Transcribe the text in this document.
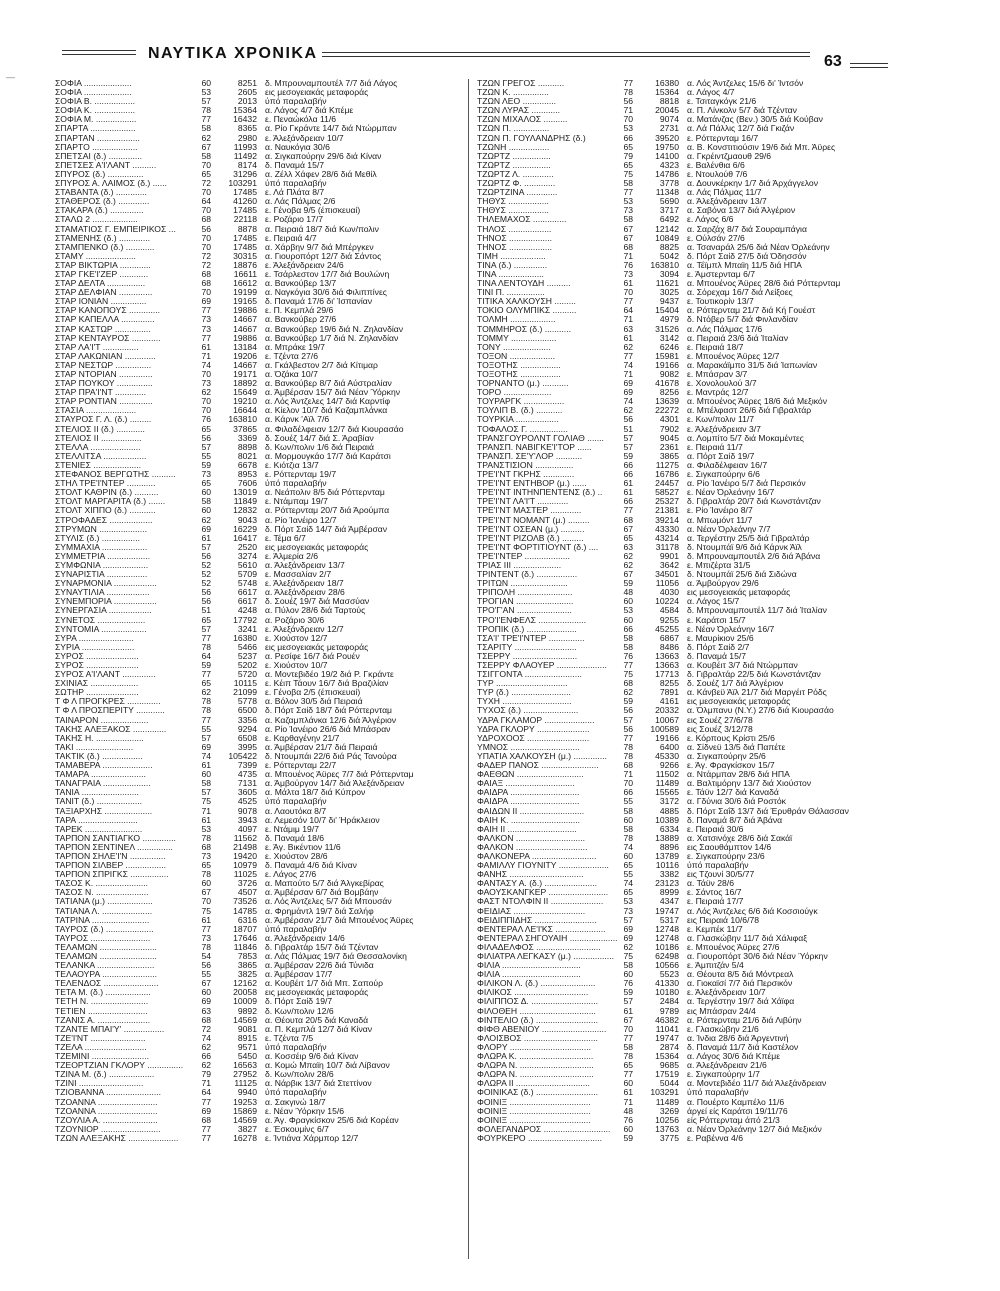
ΝΑΥΤΙΚΑ ΧΡΟΝΙΚΑ	63
—
ΣΟΦΙΑ ....................	60	8251 δ. Μπρουναμπουτέλ 7/7 διά Λάγος
ΣΟΦΙΑ ....................	53	2605 εις μεσογειακάς μεταφοράς
ΣΟΦΙΑ Β. .................	57	2013 ύπό παραλαβήν
ΣΟΦΙΑ Κ. .................	78	15364 α. Λάγος 4/7 διά Κπέμε
ΣΟΦΙΑ Μ. .................	77	16432 ε. Πεναώκόλα 11/6
ΣΠΑΡΤΑ ...................	58	8365 α. Ρίο Γκράντε 14/7 διά Ντώρμπαν
ΣΠΑΡΤΑΝ ..................	62	2980 ε. Άλεξάνδρειαν 10/7
ΣΠΑΡΤΟ ...................	67	11993 α. Ναυκόγια 30/6
ΣΠΕΤΣΑΙ (δ.) ..............	58	11492 α. Σιγκαπούρην 29/6 διά Κίναν
ΣΠΕΤΣΕΣ Α'Ι'ΛΑΝΤ ..........	70	8174 δ. Παναμά 15/7
ΣΠΥΡΟΣ (δ.) ...............	65	31296 α. Ζέλλ Χάφεν 28/6 διά Μεθίλ
ΣΠΥΡΟΣ Α. ΛΑΙΜΟΣ (δ.) ......	72	103291 ύπό παραλαβήν
ΣΤΑΒΑΝΤΑ (δ.) .............	70	17485 ε. Λά Πλάτα 8/7
ΣΤΑΘΕΡΟΣ (δ.) .............	64	41260 α. Λάς Πάλμας 2/6
ΣΤΑΚΑΡΑ (δ.) ..............	70	17485 ε. Γένοβα 9/5 (έπισκευαί)
ΣΤΑΛΩ 2 ...................	68	22118 ε. Ροζάριο 17/7
ΣΤΑΜΑΤΙΟΣ Γ. ΕΜΠΕΙΡΙΚΟΣ ...	56	8878 α. Πειραιά 18/7 διά Κων/πολιν
ΣΤΑΜΕΝΗΣ (δ.) .............	70	17485 ε. Πειραιά 4/7
ΣΤΑΜΠΕΝΚΟ (δ.) ............	70	17485 α. Χάρβην 9/7 διά Μπέργκεν
ΣΤΑΜΥ .....................	72	30315 α. Γιουροπόρτ 12/7 διά Σάντος
ΣΤΑΡ ΒΙΚΤΩΡΙΑ .............	72	18876 ε. Άλεξάνδρειαν 24/6
ΣΤΑΡ ΓΚΕ'Ι'ΖΕΡ ............	68	16611 ε. Τσάρλεστον 17/7 διά Βουλώνη
ΣΤΑΡ ΔΕΛΤΑ ................	68	16612 α. Βανκούβερ 13/7
ΣΤΑΡ ΔΕΛΦΙΑΝ ..............	70	19199 α. Ναγκόγια 30/6 διά Φιλιππίνες
ΣΤΑΡ ΙΟΝΙΑΝ ...............	69	19165 δ. Παναμά 17/6 δι' Ίσπανίαν
ΣΤΑΡ ΚΑΝΟΠΟΥΣ .............	77	19886 ε. Π. Κεμπλά 29/6
ΣΤΑΡ ΚΑΠΕΛΛΑ ..............	73	14667 α. Βανκούβερ 27/6
ΣΤΑΡ ΚΑΣΤΩΡ ...............	73	14667 α. Βανκούβερ 19/6 διά Ν. Ζηλανδίαν
ΣΤΑΡ ΚΕΝΤΑΥΡΟΣ ............	77	19886 α. Βανκούβερ 1/7 διά Ν. Ζηλανδίαν
ΣΤΑΡ ΛΑ'Ι'Τ ...............	61	13184 α. Μπράκε 19/7
ΣΤΑΡ ΛΑΚΩΝΙΑΝ .............	71	19206 ε. Τζέντα 27/6
ΣΤΑΡ ΝΕΣΤΩΡ ...............	74	14667 α. Γκάλβεστον 2/7 διά Κίτιμαρ
ΣΤΑΡ ΝΤΟΡΙΑΝ ..............	70	19171 α. Όζάκα 10/7
ΣΤΑΡ ΠΟΥΚΟΥ ...............	73	18892 α. Βανκούβερ 8/7 διά Αύστραλίαν
ΣΤΑΡ ΠΡΑ'Ι'ΝΤ .............	62	15649 α. Άμβέρσαν 15/7 διά Νέαν Ύόρκην
ΣΤΑΡ ΡΟΝΤΙΑΝ ..............	70	19210 α. Λός Άντζελες 14/7 διά Καρντίφ
ΣΤΑΣΙΑ .....................	70	16644 α. Κίελον 10/7 διά Καζαμπλάνκα
ΣΤΑΥΡΟΣ Γ. Λ. (δ.) .........	76	163810 α. Κάρνκ 'Αϊλ 7/6
ΣΤΕΛΙΟΣ ΙΙ (δ.) ............	65	37865 α. Φιλαδέλφειαν 12/7 διά Κιουρασάο
ΣΤΕΛΙΟΣ ΙΙ .................	56	3369 δ. Σουέζ 14/7 διά Σ. Άραβίαν
ΣΤΕΛΛΑ .....................	57	8898 δ. Κων/πολιν 1/6 διά Πειραιά
ΣΤΕΛΛΙΤΣΑ ..................	55	8021 α. Μορμουγκάο 17/7 διά Καράτσι
ΣΤΕΝΙΕΣ ....................	59	6678 ε. Κιότζια 13/7
ΣΤΕΦΑΝΟΣ ΒΕΡΓΩΤΗΣ ..........	73	8953 ε. Ρόττερνταμ 19/7
ΣΤΗΛ ΤΡΕ'Ι'ΝΤΕΡ ............	65	7606 ύπό παραλαβήν
ΣΤΟΛΤ ΚΑΘΡΙΝ (δ.) ..........	60	13019 α. Νεάπολιν 8/5 διά Ρόττερνταμ
ΣΤΟΛΤ ΜΑΡΓΑΡΙΤΑ (δ.) .......	58	11849 ε. Ντάμπαμ 19/7
ΣΤΟΛΤ ΧΙΠΠΟ (δ.) ...........	60	12832 α. Ρόττερνταμ 20/7 διά Άρούμπα
ΣΤΡΟΦΑΔΕΣ ..................	62	9043 α. Ρίο Ίανέιρο 12/7
ΣΤΡΥΜΩΝ ....................	69	16229 δ. Πόρτ Σαίδ 14/7 διά Άμβέρσαν
ΣΤΥΛΙΣ (δ.) ................	61	16417 ε. Τέμα 6/7
ΣΥΜΜΑΧΙΑ ...................	57	2520 εις μεσογειακάς μεταφοράς
ΣΥΜΜΕΤΡΙΑ ..................	56	3274 ε. Άλμερία 2/6
ΣΥΜΦΩΝΙΑ ...................	52	5610 α. Άλεξάνδρειαν 13/7
ΣΥΝΑΡΙΣΤΙΑ .................	52	5709 ε. Μασσαλίαν 2/7
ΣΥΝΑΡΜΟΝΙΑ ..................	52	5748 ε. Άλεξάνδρειαν 18/7
ΣΥΝΑΥΤΙΛΙΑ ..................	56	6617 α. Άλεξάνδρειαν 28/6
ΣΥΝΕΜΠΟΡΙΑ ..................	56	6617 δ. Σουέζ 19/7 διά Μασσύαν
ΣΥΝΕΡΓΑΣΙΑ ..................	51	4248 α. Πύλον 28/6 διά Ταρτούς
ΣΥΝΕΤΟΣ ....................	65	17792 α. Ροζάριο 30/6
ΣΥΝΤΟΜΙΑ ...................	57	3241 ε. Άλεξάνδρειαν 12/7
ΣΥΡΑ .......................	77	16380 ε. Χιούστον 12/7
ΣΥΡΙΑ ......................	78	5466 εις μεσογειακάς μεταφοράς
ΣΥΡΟΣ ......................	64	5237 α. Ρεσίφε 16/7 διά Ρουέν
ΣΥΡΟΣ ......................	59	5202 ε. Χιούστον 10/7
ΣΥΡΟΣ Α'Ι'ΛΑΝΤ ..............	77	5720 α. Μοντεβιδέο 19/2 διά Ρ. Γκράντε
ΣΧΙΝΙΑΣ ....................	65	10115 ε. Κέιπ Τάουν 16/7 διά Βραζιλίαν
ΣΩΤΗΡ ......................	62	21099 ε. Γένοβα 2/5 (έπισκευαί)
Τ Φ Λ ΠΡΟΓΚΡΕΣ ..............	78	5778 α. Βόλον 30/5 διά Πειραιά
Τ Φ Λ ΠΡΟΣΠΕΡΙΤΥ ............	78	6500 δ. Πόρτ Σαίδ 18/7 διά Ρόττερνταμ
ΤΑΙΝΑΡΟΝ ....................	77	3356 α. Καζαμπλάνκα 12/6 διά Άλγέριον
ΤΑΚΗΣ ΑΛΕΞΑΚΟΣ ..............	55	9294 α. Ρίο Ίανέιρο 26/6 διά Μπάσραν
ΤΑΚΗΣ Η. ....................	57	6508 ε. Καρθαγένην 21/7
ΤΑΚΙ ........................	69	3995 α. Άμβέρσαν 21/7 διά Πειραιά
ΤΑΚΤΙΚ (δ.) .................	74	105422 δ. Ντουμπάι 22/6 διά Ράς Τανούρα
ΤΑΜΑΒΕΡΑ .....................	61	7399 ε. Ρόττερνταμ 22/7
ΤΑΜΑΡΑ .......................	60	4735 α. Μπουένος Άϋρες 7/7 διά Ρόττερνταμ
ΤΑΝΑΓΡΑΙΑ ....................	58	7131 α. Άμβούργον 14/7 διά Άλεξάνδρειαν
ΤΑΝΙΑ ........................	57	3605 α. Μάλτα 18/7 διά Κύπρον
ΤΑΝΙΤ (δ.) ...................	75	4525 ύπό παραλαβήν
ΤΑΞΙΑΡΧΗΣ ....................	71	9078 α. Λαουτόκα 8/7
ΤΑΡΑ .........................	61	3943 α. Λεμεσόν 10/7 δι' Ήράκλειον
ΤΑΡΕΚ ........................	53	4097 ε. Ντάμιμ 19/7
ΤΑΡΠΟΝ ΣΑΝΤΙΑΓΚΟ ..............	78	11562 δ. Παναμά 18/6
ΤΑΡΠΟΝ ΣΕΝΤΙΝΕΛ ...............	68	21498 ε. Άγ. Βικέντιον 11/6
ΤΑΡΠΟΝ ΣΗΛΕ'Ι'Ν ...............	73	19420 ε. Χιούστον 28/6
ΤΑΡΠΟΝ ΣΙΛΒΕΡ .................	65	10979 δ. Παναμά 4/6 διά Κίναν
ΤΑΡΠΟΝ ΣΠΡΙΓΚΣ ................	78	11025 ε. Λάγος 27/6
ΤΑΣΟΣ Κ. ......................	60	3726 α. Μαπούτο 5/7 διά Άλγκεβίρας
ΤΑΣΟΣ Ν. ......................	67	4507 α. Άμβέρσαν 6/7 διά Βομβάην
ΤΑΤΙΑΝΑ (μ.) ...................	70	73526 α. Λός Άντζελες 5/7 διά Μπουσάν
ΤΑΤΙΑΝΑ Λ. .....................	75	14785 α. Φρημάντλ 19/7 διά Σαλήφ
ΤΑΤΡΙΝΑ ........................	61	6316 α. Άμβέρσαν 21/7 διά Μπουένος Άϋρες
ΤΑΥΡΟΣ (δ.) ....................	77	18707 ύπό παραλαβήν
ΤΑΥΡΟΣ .........................	73	17646 α. Άλεξάνδρειαν 14/6
ΤΕΛΑΜΩΝ ........................	78	11846 δ. Γιβραλτάρ 15/7 διά Τζένταν
ΤΕΛΑΜΩΝ ........................	54	7853 α. Λάς Πάλμας 19/7 διά Θεσσαλονίκη
ΤΕΛΑΝΚΑ ........................	56	3865 α. Άμβέρσαν 22/6 διά Τύνιδα
ΤΕΛΑΟΥΡΑ .......................	55	3825 α. Άμβέρσαν 17/7
ΤΕΛΕΝΔΟΣ .......................	67	12162 α. Κουβέιτ 1/7 διά Μπ. Σαπούρ
ΤΕΤΑ Μ. (δ.) ...................	60	20058 εις μεσογειακάς μεταφοράς
ΤΕΤΗ Ν. ........................	69	10009 δ. Πόρτ Σαίδ 19/7
ΤΕΤΙΕΝ .........................	63	9892 δ. Κων/πολιν 12/6
ΤΖΑΝΙΣ Α. ......................	68	14569 α. Θέουτα 20/5 διά Καναδά
ΤΖΑΝΤΕ ΜΠΑΙ'Υ' .................	72	9081 α. Π. Κεμπλά 12/7 διά Κίναν
ΤΖΕ'Ι'ΝΤ .......................	74	8915 ε. Τζέντα 7/5
ΤΖΕΛΑ ..........................	62	9571 ύπό παραλαβήν
ΤΖΕΜΙΝΙ ........................	66	5450 α. Κοσσέιρ 9/6 διά Κίναν
ΤΖΕΟΡΤΖΙΑΝ ΓΚΛΟΡΥ ...............	62	16563 α. Κομώ Μπαϊη 10/7 διά Λίβανον
ΤΖΙΝΑ Μ. (δ.) ...................	79	27952 δ. Κων/πολιν 28/6
ΤΖΙΝΙ ...........................	71	11125 α. Νάρβικ 13/7 διά Στεττίνον
ΤΖΙΟΒΑΝΝΑ .......................	64	9940 ύπό παραλαβήν
ΤΖΟΑΝΝΑ .........................	77	19253 α. Σακγινώ 18/7
ΤΖΟΑΝΝΑ .........................	69	15869 ε. Νέαν Ύόρκην 15/6
ΤΖΟΥΛΙΑ Α. .......................	68	14569 α. Άγ. Φραγκίσκον 25/6 διά Κορέαν
ΤΖΟΥΝΙΟΡ .........................	77	3827 ε. Έσκουμίνς 6/7
ΤΖΩΝ ΑΛΕΞΑΚΗΣ .....................	77	16278 ε. Ίντιάνα Χάρμπορ 12/7
ΤΖΩΝ ΓΡΕΓΟΣ ...........	77	16380 α. Λός Άντζελες 15/6 δι' Ίντσόν
ΤΖΩΝ Κ. ...............	78	15364 α. Λάγος 4/7
ΤΖΩΝ ΛΕΟ ..............	56	8818 ε. Τσιταγκόγκ 21/6
ΤΖΩΝ ΛΥΡΑΣ ............	71	20045 α. Π. Λίνκολν 5/7 διά Τζένταν
ΤΖΩΝ ΜΙΧΑΛΟΣ ..........	70	9074 α. Ματάνζας (Βεν.) 30/5 διά Κούβαν
ΤΖΩΝ Π. ...............	53	2731 α. Λά Πάλλις 12/7 διά Γκιζάν
ΤΖΩΝ Π. ΓΟΥΛΑΝΔΡΗΣ (δ.)	66	39520 ε. Ρόττερνταμ 16/7
ΤΖΩΝΗ .................	65	19750 α. Β. Κονστιτιούσιν 19/6 διά Μπ. Άϋρες
ΤΖΩΡΤΖ ................	79	14100 α. Γκρέιντζμαουθ 29/6
ΤΖΩΡΤΖ ................	65	4323 ε. Βαλένθια 6/6
ΤΖΩΡΤΖ Λ. .............	75	14786 ε. Ντουλούθ 7/6
ΤΖΩΡΤΖ Φ. .............	58	3778 α. Δουνκέρκην 1/7 διά Άρχάγγελον
ΤΖΩΡΤΖΙΝΑ .............	77	11348 α. Λάς Πάλμας 11/7
ΤΗΘΥΣ .................	53	5690 α. Άλεξάνδρειαν 13/7
ΤΗΘΥΣ .................	73	3717 α. Σαβόνα 13/7 διά Άλγέριον
ΤΗΛΕΜΑΧΟΣ ..............	58	6492 ε. Λάγος 6/6
ΤΗΛΟΣ ..................	67	12142 α. Σαρζάχ 8/7 διά Σουραμπάγια
ΤΗΝΟΣ ..................	67	10849 ε. Ούλσάν 27/6
ΤΗΝΟΣ ..................	68	8825 α. Τσαναράλ 25/6 διά Νέαν Όρλεάνην
ΤΙΜΗ ...................	71	5042 δ. Πόρτ Σαίδ 27/5 διά Όδησσόν
ΤΙΝΑ (δ.) ..............	76	163810 α. Τέϊμπλ Μπαϊη 11/5 διά ΗΠΑ
ΤΙΝΑ ...................	73	3094 ε. Άμστερνταμ 6/7
ΤΙΝΑ ΛΕΝΤΟΥΔΗ ..........	61	11621 α. Μπουένος Άϋρες 28/6 διά Ρόττερνταμ
ΤΙΝΙ Π. ................	70	3025 α. Σόρεχαμ 16/7 διά Λείξοες
ΤΙΤΙΚΑ ΧΑΛΚΟΥΣΗ .........	77	9437 ε. Τουτικορίν 13/7
ΤΟΚΙΟ ΟΛΥΜΠΙΚΣ ..........	64	15404 α. Ρόττερνταμ 21/7 διά Κή Γουέστ
ΤΟΛΜΗ ...................	71	4979 δ. Ντόβερ 5/7 διά Φινλανδίαν
ΤΟΜΜΗΡΟΣ (δ.) ...........	63	31526 α. Λάς Πάλμας 17/6
ΤΟΜΜΥ ...................	61	3142 α. Πειραιά 23/6 διά Ίταλίαν
ΤΟΝΥ ....................	62	6246 ε. Πειραιά 18/7
ΤΟΞΟΝ ...................	77	15981 ε. Μπουένος Άϋρες 12/7
ΤΟΞΟΤΗΣ .................	74	19166 α. Μαρακάϊμπο 31/5 διά Ίαπωνίαν
ΤΟΞΟΤΗΣ .................	71	9082 ε. Μπάσραν 3/7
ΤΟΡΝΑΝΤΟ (μ.) ...........	69	41678 ε. Χονολουλού 3/7
ΤΟΡΟ ....................	69	8256 ε. Μαντράς 12/7
ΤΟΥΡΑΡΓΚ .................	74	13639 α. Μπουένος Άϋρες 18/6 διά Μεξικόν
ΤΟΥΛΙΠ Β. (δ.) ...........	62	22272 α. Μπέλφαστ 26/6 διά Γιβραλτάρ
ΤΟΥΡΚΙΑ ..................	56	4301 ε. Κων/πολιν 11/7
ΤΟΦΑΛΟΣ Γ. ................	51	7902 ε. Άλεξάνδρειαν 3/7
ΤΡΑΝΣΓΟΥΡΟΛΝΤ ΓΟΛΙΑΘ .......	57	9045 α. Λομπίτο 5/7 διά Μοκαμέντες
ΤΡΑΝΣΠ. ΝΑΒΙΓΚΕ'Ι'ΤΟΡ ......	57	2361 ε. Πειραιά 11/7
ΤΡΑΝΣΠ. ΣΕ'Υ'ΛΟΡ ...........	59	3865 α. Πόρτ Σαίδ 19/7
ΤΡΑΝΣΤΙΣΙΟΝ ................	66	11275 α. Φιλαδέλφειαν 16/7
ΤΡΕ'Ι'ΝΤ ΓΚΡΗΣ .............	66	16786 ε. Σιγκαπούρην 6/6
ΤΡΕ'Ι'ΝΤ ΕΝΤΗΒΟΡ (μ.) ......	61	24457 α. Ρίο Ίανέιρο 5/7 διά Περσικόν
ΤΡΕ'Ι'ΝΤ ΙΝΤΗΝΠΕΝΤΕΝΣ (δ.) ..	61	58527 ε. Νέαν Όρλεάνην 16/7
ΤΡΕ'Ι'ΝΤ ΛΑ'Ι'Τ .............	66	25327 δ. Γιβραλτάρ 20/7 διά Κωνστάντζαν
ΤΡΕ'Ι'ΝΤ ΜΑΣΤΕΡ .............	77	21381 ε. Ρίο Ίανέιρο 8/7
ΤΡΕ'Ι'ΝΤ ΝΟΜΑΝΤ (μ.) .........	68	39214 α. Μπωμόντ 11/7
ΤΡΕ'Ι'ΝΤ ΟΣΕΑΝ (μ.) ..........	67	43330 α. Νέαν Όρλεάνην 7/7
ΤΡΕ'Ι'ΝΤ ΡΙΖΟΛΒ (δ.) .........	65	43214 α. Τεργέστην 25/5 διά Γιβραλτάρ
ΤΡΕ'Ι'ΝΤ ΦΟΡΤΙΤΙΟΥΝΤ (δ.) ....	63	31178 δ. Ντουμπάϊ 9/6 διά Κάρνκ Άϊλ
ΤΡΕ'Ι'ΝΤΕΡ ...................	62	9901 δ. Μπρουναμπουτέλ 2/6 διά Άβάνα
ΤΡΙΑΣ ΙΙΙ ....................	62	3642 ε. Μπιζέρτα 31/5
ΤΡΙΝΤΕΝΤ (δ.) .................	67	34501 δ. Ντουμπάϊ 25/6 διά Σιδώνα
ΤΡΙΤΩΝ ........................	59	11056 α. Άμβούργον 29/6
ΤΡΙΠΟΛΗ .......................	48	4030 εις μεσογειακάς μεταφοράς
ΤΡΟΓΙΑΝ ........................	60	10224 α. Λάγος 15/7
ΤΡΟ'Γ'ΑΝ .......................	53	4584 δ. Μπρουναμπουτέλ 11/7 διά Ίταλίαν
ΤΡΟ'Ι'ΕΝΦΕΛΣ ....................	60	9255 ε. Καράτσι 15/7
ΤΡΟΠΙΚ (δ.) .....................	66	45255 ε. Νέαν Όρλεάνην 16/7
ΤΣΑ'Ι' ΤΡΕ'Ι'ΝΤΕΡ ...............	58	6867 ε. Μαυρίκιον 25/6
ΤΣΑΡΙΤΥ ..........................	58	8486 δ. Πόρτ Σαίδ 2/7
ΤΣΕΡΡΥ ...........................	76	13663 δ. Παναμά 15/7
ΤΣΕΡΡΥ ΦΛΑΟΥΕΡ .....................	77	13663 α. Κουβέιτ 3/7 διά Ντώρμπαν
ΤΣΙΓΓΟΝΤΑ ........................	75	17713 δ. Γιβραλτάρ 22/5 διά Κωνστάντζαν
ΤΥΡ ..............................	68	8255 δ. Σουέζ 1/7 διά Άλγέριον
ΤΥΡ (δ.) .........................	62	7891 α. Κάνβεϋ Άϊλ 21/7 διά Μαργέιτ Ρόδς
ΤΥΧΗ .............................	59	4161 εις μεσογειακάς μεταφοράς
ΤΥΧΟΣ (δ.) .......................	56	20332 α. Όλμπανυ (Ν.Υ.) 27/6 διά Κιουρασάο
ΥΔΡΑ ΓΚΛΑΜΟΡ .....................	57	10067 εις Σουέζ 27/6/78
ΥΔΡΑ ΓΚΛΟΡΥ ......................	56	100589 εις Σουέζ 3/12/78
ΥΔΡΟΧΟΟΣ ..........................	77	19166 ε. Κόρπους Κρίστι 25/6
ΥΜΝΟΣ .............................	78	6400 α. Σίδνεϋ 13/5 διά Παπέτε
ΥΠΑΤΙΑ ΧΑΛΚΟΥΣΗ (μ.) ..............	78	45330 α. Σιγκαπούρην 25/6
ΦΑΔΕΡ ΠΑΝΟΣ ........................	68	9266 ε. Άγ. Φραγκίσκον 15/7
ΦΑΕΘΩΝ ............................	71	11502 α. Ντάρμπαν 28/6 διά ΗΠΑ
ΦΑΙΑΞ .............................	70	11489 α. Βαλτιμόρην 13/7 διά Χιούστον
ΦΑΙΔΡΑ .............................	66	15565 ε. Τάϋν 12/7 διά Καναδά
ΦΑΙΔΡΑ .............................	55	3172 α. Γδύνια 30/6 διά Ροστόκ
ΦΑΙΔΩΝ ΙΙ ...........................	58	4885 δ. Πόρτ Σαΐδ 13/7 διά Έρυθράν Θάλασσαν
ΦΑΙΗ Κ. .............................	60	10389 δ. Παναμά 8/7 διά Άβάνα
ΦΑΙΗ ΙΙ .............................	58	6334 ε. Πειραιά 30/6
ΦΑΛΚΟΝ .............................	78	13889 α. Χατσινόχε 28/6 διά Σακάϊ
ΦΑΛΚΟΝ ..............................	74	8896 εις Σαουθάμπτον 14/6
ΦΑΛΚΟΝΕΡΑ ...........................	60	13789 ε. Σιγκαπούρην 23/6
ΦΑΜΙΛΛΥ ΓΙΟΥΝΙΤΥ .....................	65	10116 ύπό παραλαβήν
ΦΑΝΗΣ ...............................	55	3382 εις Τζουνί 30/5/77
ΦΑΝΤΑΣΥ Α. (δ.) ......................	74	23123 α. Τάϋν 28/6
ΦΑΟΥΣΚΑΝΓΚΕΡ .........................	65	8999 ε. Σάντος 16/7
ΦΑΣΤ ΝΤΟΛΦΙΝ ΙΙ ......................	53	4347 ε. Πειραιά 17/7
ΦΕΙΔΙΑΣ ..............................	73	19747 α. Λός Άντζελες 6/6 διά Κοσσιούγκ
ΦΕΙΔΙΠΠΙΔΗΣ ..........................	57	5317 εις Πειραιά 10/6/78
ΦΕΝΤΕΡΑΛ ΛΕ'Ι'ΚΣ .....................	69	12748 ε. Κεμπέκ 11/7
ΦΕΝΤΕΡΑΛ ΣΗΓΟΥΑΙΗ .................... 69	12748 α. Γλασκώβην 11/7 διά Χάλιφαξ
ΦΙΛΑΔΕΛΦΟΣ ...........................	62	10186 ε. Μπουένος Άϋρες 27/6
ΦΙΛΙΑΤΡΑ ΛΕΓΚΑΣΥ (μ.) .................	75	62498 α. Γιουροπόρτ 30/6 διά Νέαν Ύόρκην
ΦΙΛΙΑ .................................	58	10566 ε. Άμπιτζάν 5/4
ΦΙΛΙΑ .................................	60	5523 α. Θέουτα 8/5 διά Μόντρεαλ
ΦΙΛΙΚΟΝ Λ. (δ.) .......................	76	41330 α. Γιοκαϊσί 7/7 διά Περσικόν
ΦΙΛΙΚΟΣ ...............................	59	10180 ε. Άλεξάνδρειαν 10/7
ΦΙΛΙΠΠΟΣ Δ. ............................	57	2484 α. Τεργέστην 19/7 διά Χάϊφα
ΦΙΛΟΘΕΗ ................................	61	9789 εις Μπάσραν 24/4
ΦΙΝΤΕΛΙΟ (δ.) ..........................	67	46382 α. Ρόττερνταμ 21/6 διά Λιβύην
ΦΙΦΘ ΑΒΕΝΙΟΥ ...........................	70	11041 ε. Γλασκώβην 21/6
ΦΛΟΙΣΒΟΣ ...............................	77	19747 α. Ίνδια 28/6 διά Άργεντινή
ΦΛΟΡΥ ..................................	58	2874 δ. Παναμά 11/7 διά Καστέλον
ΦΛΩΡΑ Κ. ...............................	78	15364 α. Λάγος 30/6 διά Κπέμε
ΦΛΩΡΑ Ν. ...............................	65	9685 α. Άλεξάνδρειαν 21/6
ΦΛΩΡΑ Ν. ...............................	77	17519 ε. Σιγκαπούρην 1/7
ΦΛΩΡΑ ΙΙ ...............................	60	5044 α. Μοντεβιδέο 11/7 διά Άλεξάνδρειαν
ΦΟΙΝΙΚΑΣ (δ.) ..........................	61	103291 ύπό παραλαβήν
ΦΟΙΝΙΞ ..................................	71	11489 α. Πουέρτο Καμπέλο 11/6
ΦΟΙΝΙΞ ..................................	48	3269 άργεί είς Καράτσι 19/11/76
ΦΟΙΝΙΞ ..................................	76	10256 είς Ρόττερνταμ άπό 21/3
ΦΟΛΕΓΑΝΔΡΟΣ ............................	60	13763 α. Νέαν Όρλεάνην 12/7 διά Μεξικόν
ΦΟΥΡΚΕΡΟ ...............................	59	3775 ε. Ραβέννα 4/6
